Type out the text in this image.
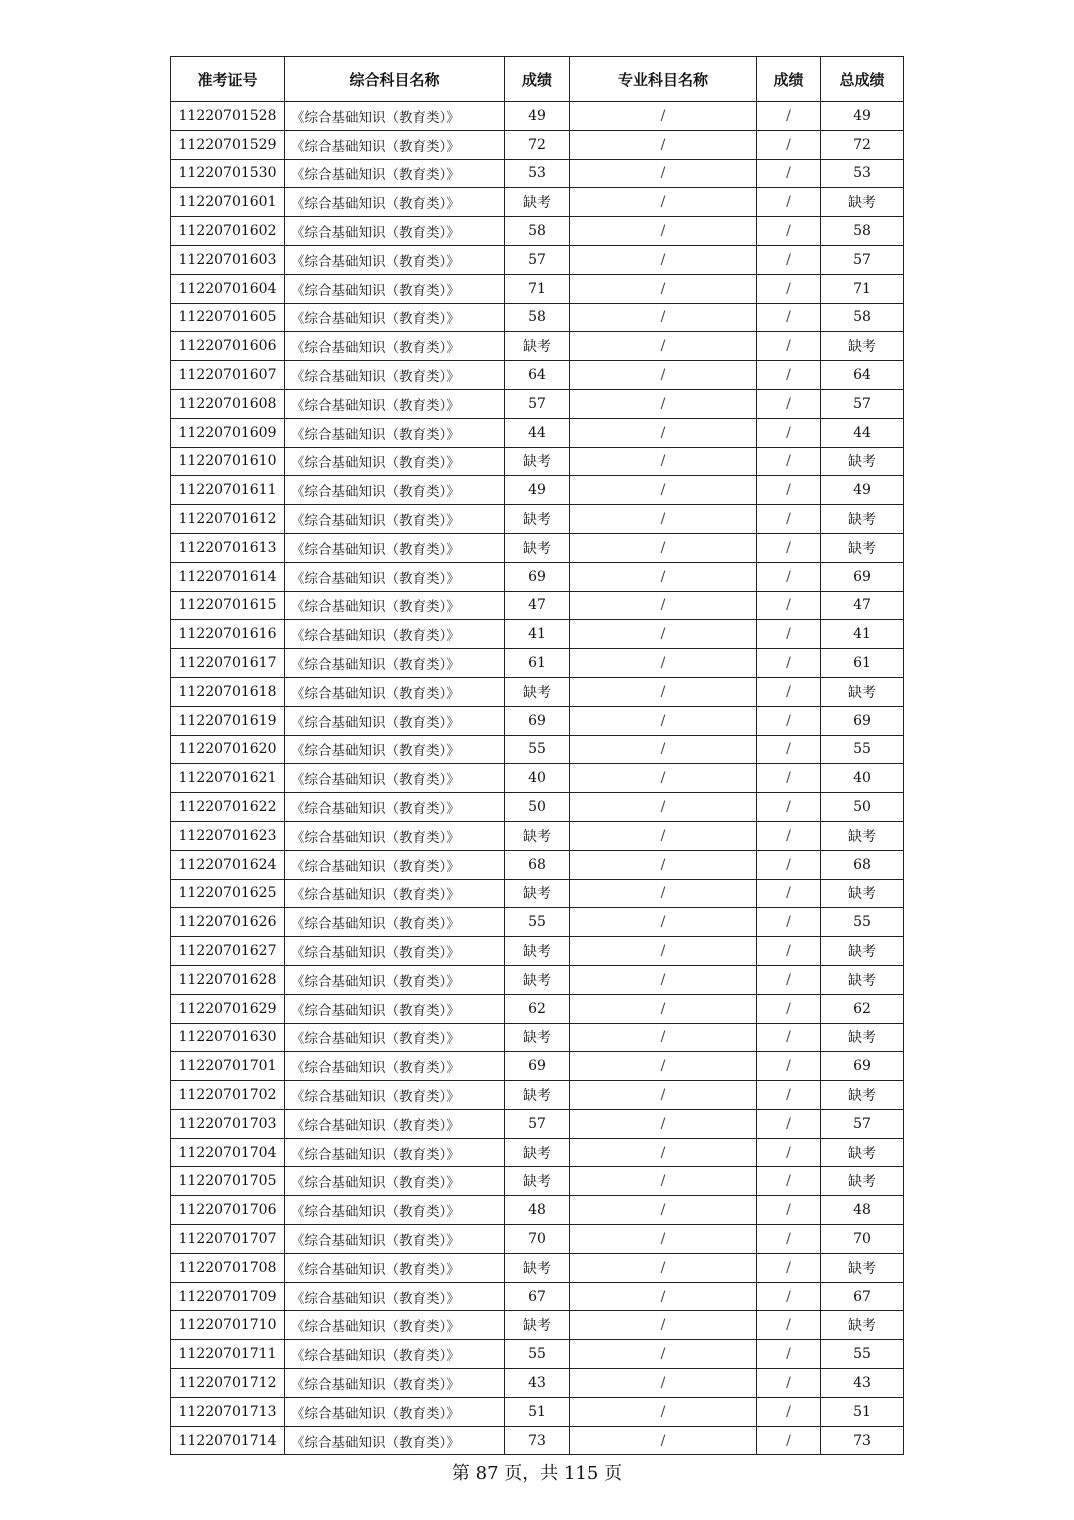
准考证号	综合科目名称	成绩	专业科目名称	成绩	总成绩
11220701528	《综合基础知识（教育类）》	49	/	/	49
11220701529	《综合基础知识（教育类）》	72	/	/	72
11220701530	《综合基础知识（教育类）》	53	/	/	53
11220701601	《综合基础知识（教育类）》	缺考	/	/	缺考
11220701602	《综合基础知识（教育类）》	58	/	/	58
11220701603	《综合基础知识（教育类）》	57	/	/	57
11220701604	《综合基础知识（教育类）》	71	/	/	71
11220701605	《综合基础知识（教育类）》	58	/	/	58
11220701606	《综合基础知识（教育类）》	缺考	/	/	缺考
11220701607	《综合基础知识（教育类）》	64	/	/	64
11220701608	《综合基础知识（教育类）》	57	/	/	57
11220701609	《综合基础知识（教育类）》	44	/	/	44
11220701610	《综合基础知识（教育类）》	缺考	/	/	缺考
11220701611	《综合基础知识（教育类）》	49	/	/	49
11220701612	《综合基础知识（教育类）》	缺考	/	/	缺考
11220701613	《综合基础知识（教育类）》	缺考	/	/	缺考
11220701614	《综合基础知识（教育类）》	69	/	/	69
11220701615	《综合基础知识（教育类）》	47	/	/	47
11220701616	《综合基础知识（教育类）》	41	/	/	41
11220701617	《综合基础知识（教育类）》	61	/	/	61
11220701618	《综合基础知识（教育类）》	缺考	/	/	缺考
11220701619	《综合基础知识（教育类）》	69	/	/	69
11220701620	《综合基础知识（教育类）》	55	/	/	55
11220701621	《综合基础知识（教育类）》	40	/	/	40
11220701622	《综合基础知识（教育类）》	50	/	/	50
11220701623	《综合基础知识（教育类）》	缺考	/	/	缺考
11220701624	《综合基础知识（教育类）》	68	/	/	68
11220701625	《综合基础知识（教育类）》	缺考	/	/	缺考
11220701626	《综合基础知识（教育类）》	55	/	/	55
11220701627	《综合基础知识（教育类）》	缺考	/	/	缺考
11220701628	《综合基础知识（教育类）》	缺考	/	/	缺考
11220701629	《综合基础知识（教育类）》	62	/	/	62
11220701630	《综合基础知识（教育类）》	缺考	/	/	缺考
11220701701	《综合基础知识（教育类）》	69	/	/	69
11220701702	《综合基础知识（教育类）》	缺考	/	/	缺考
11220701703	《综合基础知识（教育类）》	57	/	/	57
11220701704	《综合基础知识（教育类）》	缺考	/	/	缺考
11220701705	《综合基础知识（教育类）》	缺考	/	/	缺考
11220701706	《综合基础知识（教育类）》	48	/	/	48
11220701707	《综合基础知识（教育类）》	70	/	/	70
11220701708	《综合基础知识（教育类）》	缺考	/	/	缺考
11220701709	《综合基础知识（教育类）》	67	/	/	67
11220701710	《综合基础知识（教育类）》	缺考	/	/	缺考
11220701711	《综合基础知识（教育类）》	55	/	/	55
11220701712	《综合基础知识（教育类）》	43	/	/	43
11220701713	《综合基础知识（教育类）》	51	/	/	51
11220701714	《综合基础知识（教育类）》	73	/	/	73
第 87 页，共 115 页
